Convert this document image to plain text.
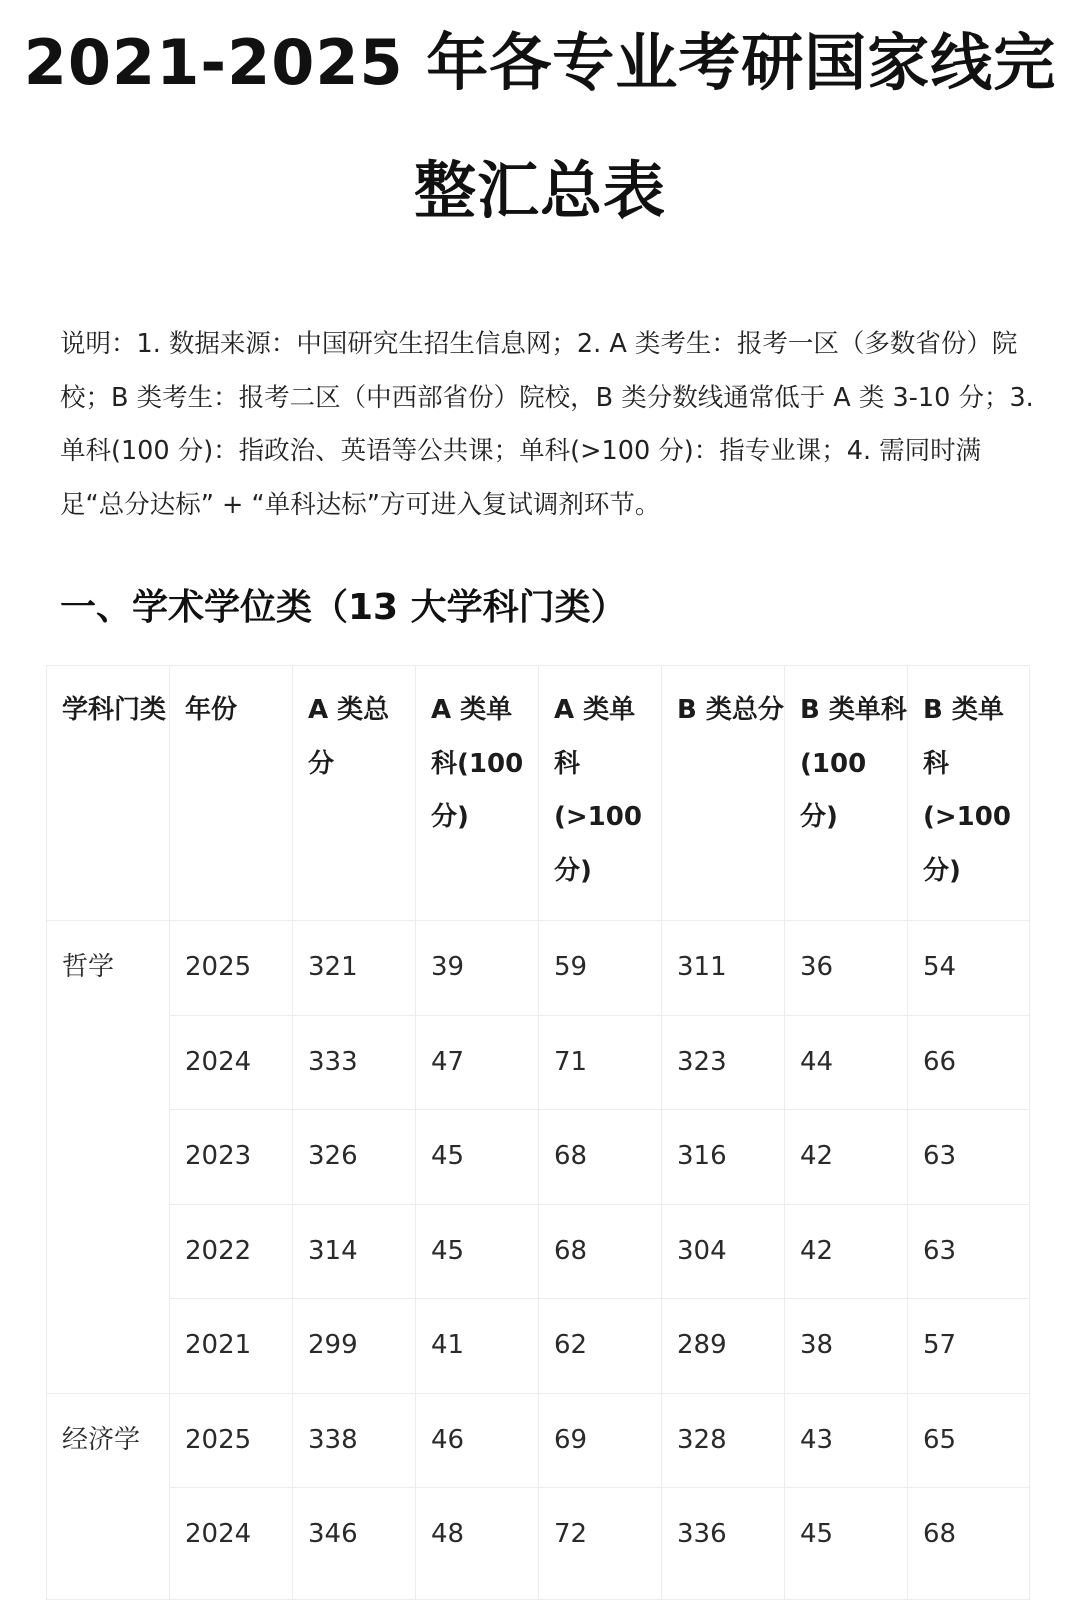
2021-2025 年各专业考研国家线完
整汇总表

说明：1. 数据来源：中国研究生招生信息网；2. A 类考生：报考一区（多数省份）院校；B 类考生：报考二区（中西部省份）院校，B 类分数线通常低于 A 类 3-10 分；3. 单科(100 分)：指政治、英语等公共课；单科(>100 分)：指专业课；4. 需同时满足“总分达标” + “单科达标”方可进入复试调剂环节。

一、学术学位类（13 大学科门类）
学科门类	年份	A 类总分	A 类单科(100 分)	A 类单科(>100 分)	B 类总分	B 类单科(100 分)	B 类单科(>100 分)
哲学	2025	321	39	59	311	36	54
	2024	333	47	71	323	44	66
	2023	326	45	68	316	42	63
	2022	314	45	68	304	42	63
	2021	299	41	62	289	38	57
经济学	2025	338	46	69	328	43	65
	2024	346	48	72	336	45	68
